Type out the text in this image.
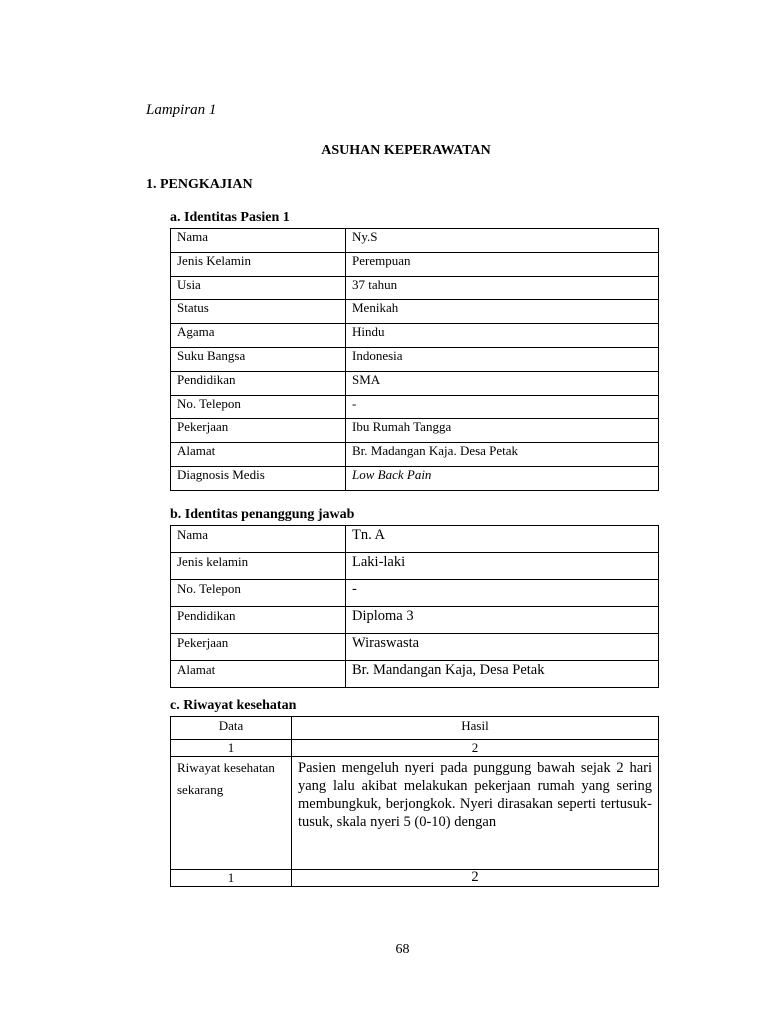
Lampiran 1
ASUHAN KEPERAWATAN
1. PENGKAJIAN
a. Identitas Pasien 1
Nama	Ny.S
Jenis Kelamin	Perempuan
Usia	37 tahun
Status	Menikah
Agama	Hindu
Suku Bangsa	Indonesia
Pendidikan	SMA
No. Telepon	-
Pekerjaan	Ibu Rumah Tangga
Alamat	Br. Madangan Kaja. Desa Petak
Diagnosis Medis	Low Back Pain
b. Identitas penanggung jawab
Nama	Tn. A
Jenis kelamin	Laki-laki
No. Telepon	-
Pendidikan	Diploma 3
Pekerjaan	Wiraswasta
Alamat	Br. Mandangan Kaja, Desa Petak
c. Riwayat kesehatan
Data	Hasil
1	2
Riwayat kesehatan sekarang	Pasien mengeluh nyeri pada punggung bawah sejak 2 hari yang lalu akibat melakukan pekerjaan rumah yang sering membungkuk, berjongkok. Nyeri dirasakan seperti tertusuk-tusuk, skala nyeri 5 (0-10) dengan
1	2
68
